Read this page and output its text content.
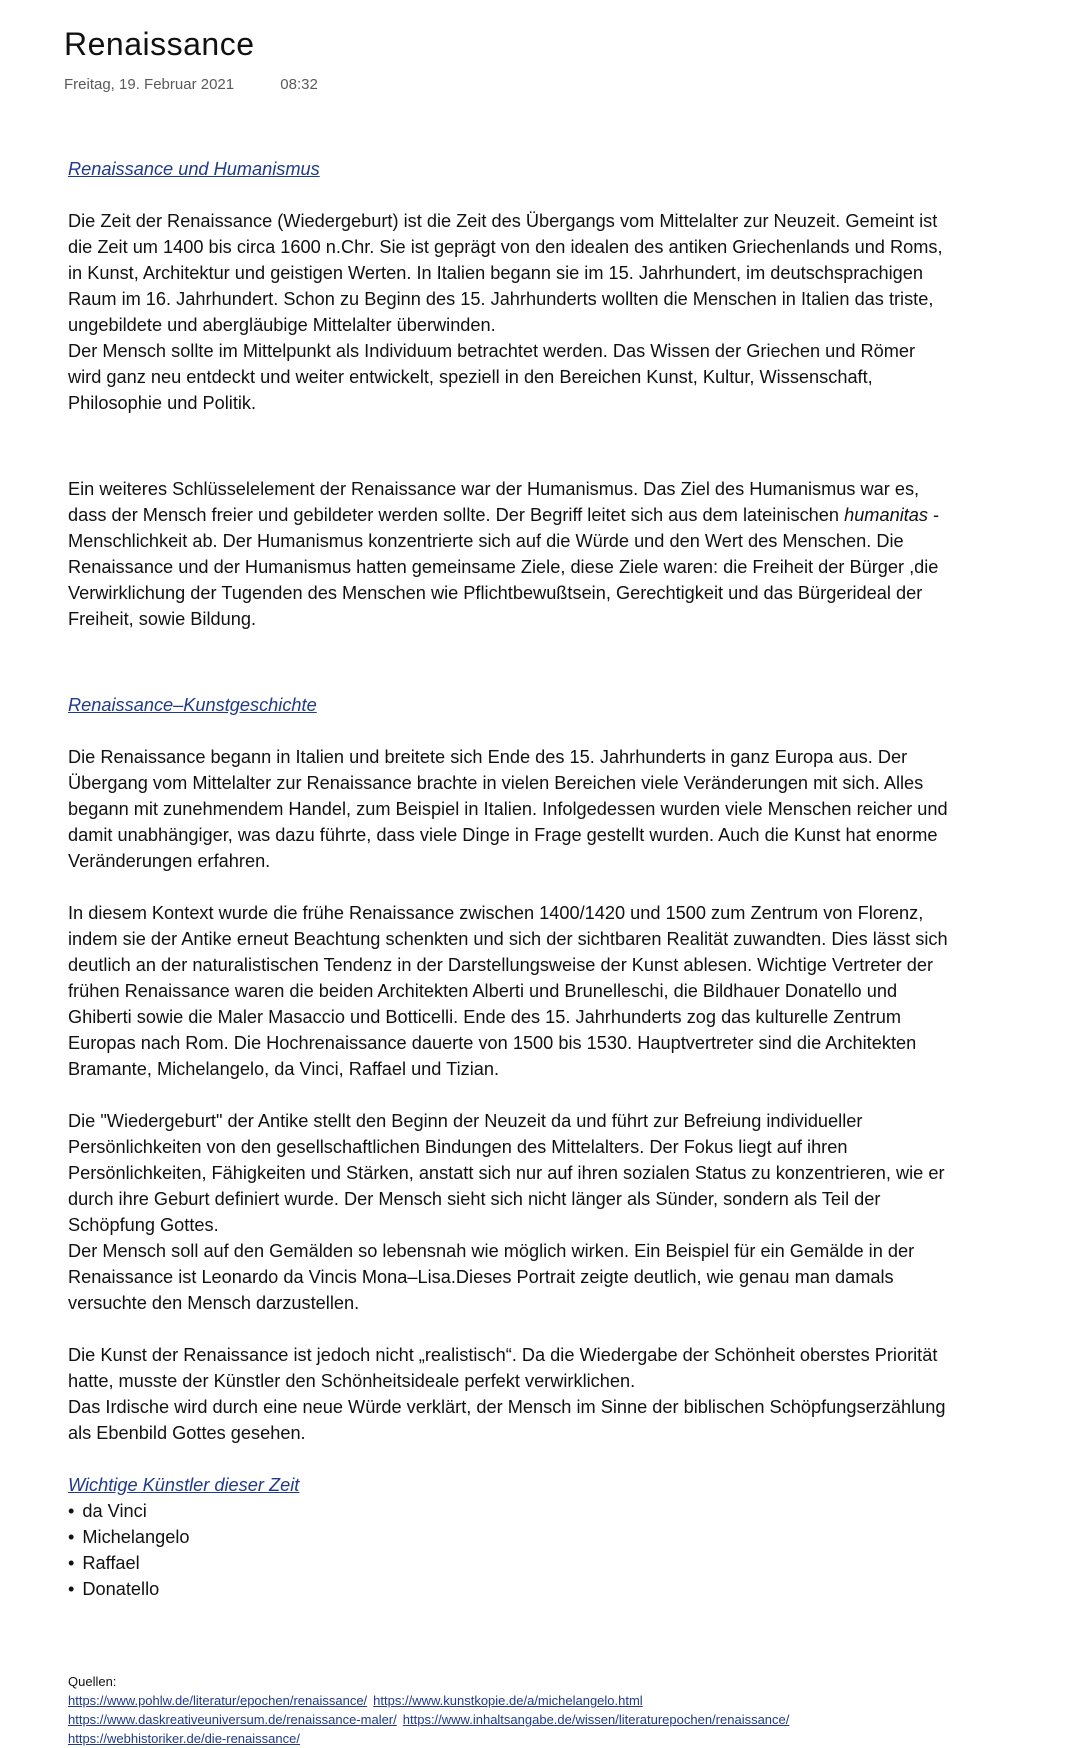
Renaissance
Freitag, 19. Februar 2021	08:32

Renaissance und Humanismus

Die Zeit der Renaissance (Wiedergeburt) ist die Zeit des Übergangs vom Mittelalter zur Neuzeit. Gemeint ist die Zeit um 1400 bis circa 1600 n.Chr. Sie ist geprägt von den idealen des antiken Griechenlands und Roms, in Kunst, Architektur und geistigen Werten. In Italien begann sie im 15. Jahrhundert, im deutschsprachigen Raum im 16. Jahrhundert. Schon zu Beginn des 15. Jahrhunderts wollten die Menschen in Italien das triste, ungebildete und abergläubige Mittelalter überwinden.

Der Mensch sollte im Mittelpunkt als Individuum betrachtet werden. Das Wissen der Griechen und Römer wird ganz neu entdeckt und weiter entwickelt, speziell in den Bereichen Kunst, Kultur, Wissenschaft, Philosophie und Politik.

Ein weiteres Schlüsselelement der Renaissance war der Humanismus. Das Ziel des Humanismus war es, dass der Mensch freier und gebildeter werden sollte. Der Begriff leitet sich aus dem lateinischen humanitas - Menschlichkeit ab. Der Humanismus konzentrierte sich auf die Würde und den Wert des Menschen. Die Renaissance und der Humanismus hatten gemeinsame Ziele, diese Ziele waren: die Freiheit der Bürger ,die Verwirklichung der Tugenden des Menschen wie Pflichtbewußtsein, Gerechtigkeit und das Bürgerideal der Freiheit, sowie Bildung.

Renaissance–Kunstgeschichte

Die Renaissance begann in Italien und breitete sich Ende des 15. Jahrhunderts in ganz Europa aus. Der Übergang vom Mittelalter zur Renaissance brachte in vielen Bereichen viele Veränderungen mit sich. Alles begann mit zunehmendem Handel, zum Beispiel in Italien. Infolgedessen wurden viele Menschen reicher und damit unabhängiger, was dazu führte, dass viele Dinge in Frage gestellt wurden. Auch die Kunst hat enorme Veränderungen erfahren.

In diesem Kontext wurde die frühe Renaissance zwischen 1400/1420 und 1500 zum Zentrum von Florenz, indem sie der Antike erneut Beachtung schenkten und sich der sichtbaren Realität zuwandten. Dies lässt sich deutlich an der naturalistischen Tendenz in der Darstellungsweise der Kunst ablesen. Wichtige Vertreter der frühen Renaissance waren die beiden Architekten Alberti und Brunelleschi, die Bildhauer Donatello und Ghiberti sowie die Maler Masaccio und Botticelli. Ende des 15. Jahrhunderts zog das kulturelle Zentrum Europas nach Rom. Die Hochrenaissance dauerte von 1500 bis 1530. Hauptvertreter sind die Architekten Bramante, Michelangelo, da Vinci, Raffael und Tizian.

Die "Wiedergeburt" der Antike stellt den Beginn der Neuzeit da und führt zur Befreiung individueller Persönlichkeiten von den gesellschaftlichen Bindungen des Mittelalters. Der Fokus liegt auf ihren Persönlichkeiten, Fähigkeiten und Stärken, anstatt sich nur auf ihren sozialen Status zu konzentrieren, wie er durch ihre Geburt definiert wurde. Der Mensch sieht sich nicht länger als Sünder, sondern als Teil der Schöpfung Gottes.

Der Mensch soll auf den Gemälden so lebensnah wie möglich wirken. Ein Beispiel für ein Gemälde in der Renaissance ist Leonardo da Vincis Mona–Lisa.Dieses Portrait zeigte deutlich, wie genau man damals versuchte den Mensch darzustellen.

Die Kunst der Renaissance ist jedoch nicht „realistisch“. Da die Wiedergabe der Schönheit oberstes Priorität hatte, musste der Künstler den Schönheitsideale perfekt verwirklichen.

Das Irdische wird durch eine neue Würde verklärt, der Mensch im Sinne der biblischen Schöpfungserzählung als Ebenbild Gottes gesehen.

Wichtige Künstler dieser Zeit

• da Vinci
• Michelangelo
• Raffael
• Donatello
Quellen:
https://www.pohlw.de/literatur/epochen/renaissance/ https://www.kunstkopie.de/a/michelangelo.html
https://www.daskreativeuniversum.de/renaissance-maler/ https://www.inhaltsangabe.de/wissen/literaturepochen/renaissance/
https://webhistoriker.de/die-renaissance/
